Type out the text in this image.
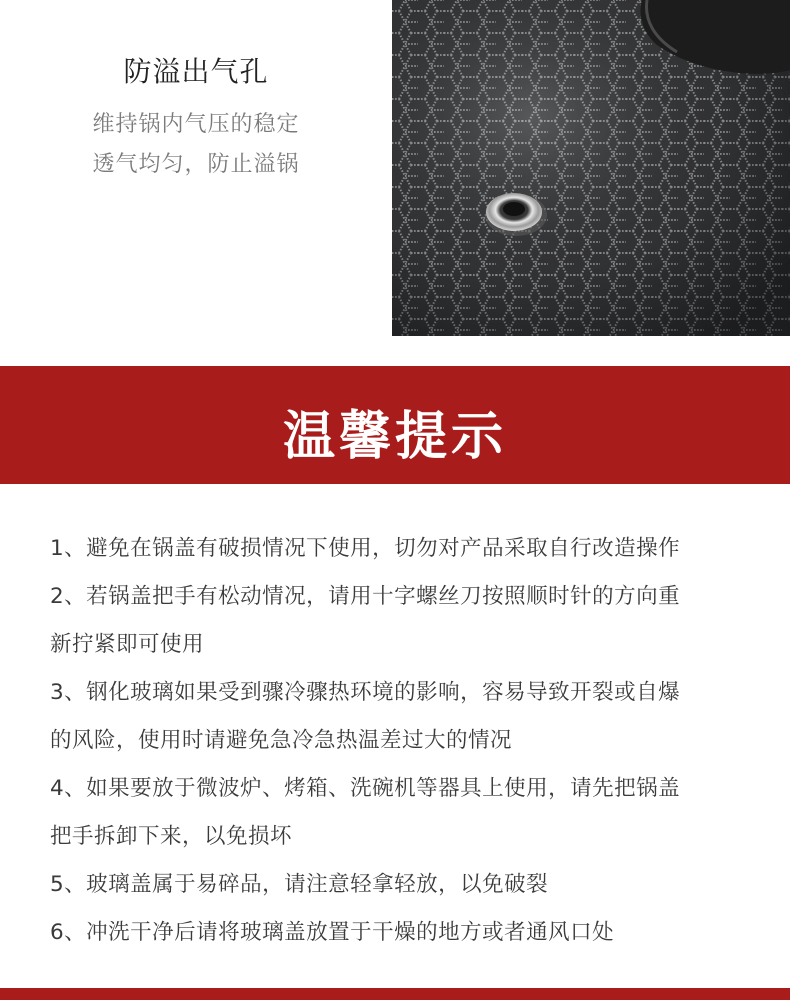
防溢出气孔
维持锅内气压的稳定
透气均匀，防止溢锅
温馨提示
1、避免在锅盖有破损情况下使用，切勿对产品采取自行改造操作
2、若锅盖把手有松动情况，请用十字螺丝刀按照顺时针的方向重
新拧紧即可使用
3、钢化玻璃如果受到骤冷骤热环境的影响，容易导致开裂或自爆
的风险，使用时请避免急冷急热温差过大的情况
4、如果要放于微波炉、烤箱、洗碗机等器具上使用，请先把锅盖
把手拆卸下来，以免损坏
5、玻璃盖属于易碎品，请注意轻拿轻放，以免破裂
6、冲洗干净后请将玻璃盖放置于干燥的地方或者通风口处
